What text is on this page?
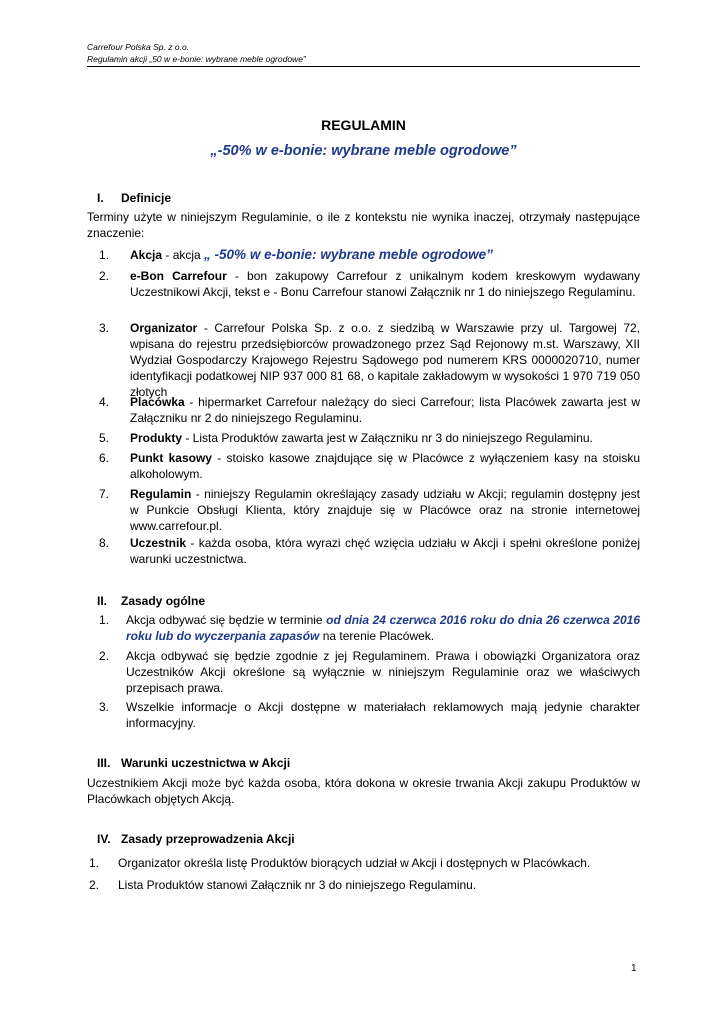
Carrefour Polska Sp. z o.o.
Regulamin akcji „50 w e-bonie: wybrane meble ogrodowe”
REGULAMIN
„-50% w e-bonie: wybrane meble ogrodowe”
I. Definicje
Terminy użyte w niniejszym Regulaminie, o ile z kontekstu nie wynika inaczej, otrzymały następujące znaczenie:
1. Akcja - akcja „ -50% w e-bonie: wybrane meble ogrodowe”
2. e-Bon Carrefour - bon zakupowy Carrefour z unikalnym kodem kreskowym wydawany Uczestnikowi Akcji, tekst e - Bonu Carrefour stanowi Załącznik nr 1 do niniejszego Regulaminu.
3. Organizator - Carrefour Polska Sp. z o.o. z siedzibą w Warszawie przy ul. Targowej 72, wpisana do rejestru przedsiębiorców prowadzonego przez Sąd Rejonowy m.st. Warszawy, XII Wydział Gospodarczy Krajowego Rejestru Sądowego pod numerem KRS 0000020710, numer identyfikacji podatkowej NIP 937 000 81 68, o kapitale zakładowym w wysokości 1 970 719 050 złotych
4. Placówka - hipermarket Carrefour należący do sieci Carrefour; lista Placówek zawarta jest w Załączniku nr 2 do niniejszego Regulaminu.
5. Produkty - Lista Produktów zawarta jest w Załączniku nr 3 do niniejszego Regulaminu.
6. Punkt kasowy - stoisko kasowe znajdujące się w Placówce z wyłączeniem kasy na stoisku alkoholowym.
7. Regulamin - niniejszy Regulamin określający zasady udziału w Akcji; regulamin dostępny jest w Punkcie Obsługi Klienta, który znajduje się w Placówce oraz na stronie internetowej www.carrefour.pl.
8. Uczestnik - każda osoba, która wyrazi chęć wzięcia udziału w Akcji i spełni określone poniżej warunki uczestnictwa.
II. Zasady ogólne
1. Akcja odbywać się będzie w terminie od dnia 24 czerwca 2016 roku do dnia 26 czerwca 2016 roku lub do wyczerpania zapasów na terenie Placówek.
2. Akcja odbywać się będzie zgodnie z jej Regulaminem. Prawa i obowiązki Organizatora oraz Uczestników Akcji określone są wyłącznie w niniejszym Regulaminie oraz we właściwych przepisach prawa.
3. Wszelkie informacje o Akcji dostępne w materiałach reklamowych mają jedynie charakter informacyjny.
III. Warunki uczestnictwa w Akcji
Uczestnikiem Akcji może być każda osoba, która dokona w okresie trwania Akcji zakupu Produktów w Placówkach objętych Akcją.
IV. Zasady przeprowadzenia Akcji
1. Organizator określa listę Produktów biorących udział w Akcji i dostępnych w Placówkach.
2. Lista Produktów stanowi Załącznik nr 3 do niniejszego Regulaminu.
1
